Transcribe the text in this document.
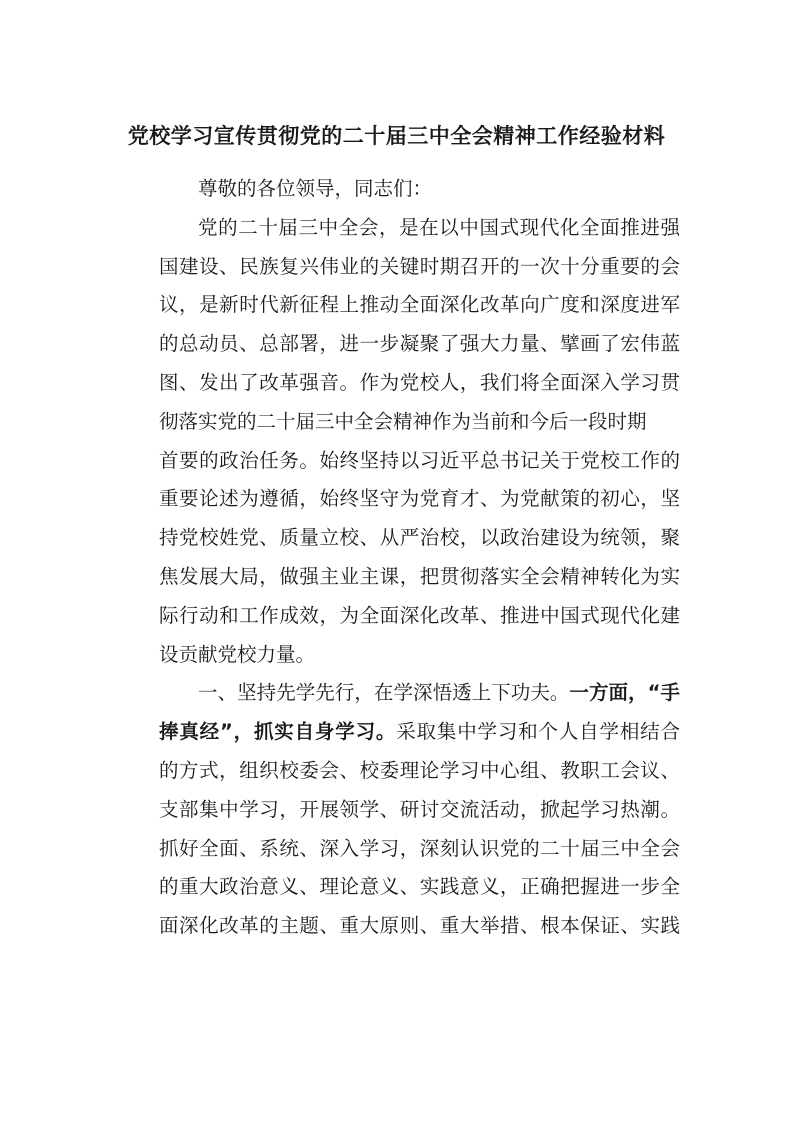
党校学习宣传贯彻党的二十届三中全会精神工作经验材料
尊敬的各位领导，同志们：
党的二十届三中全会，是在以中国式现代化全面推进强
国建设、民族复兴伟业的关键时期召开的一次十分重要的会
议，是新时代新征程上推动全面深化改革向广度和深度进军
的总动员、总部署，进一步凝聚了强大力量、擘画了宏伟蓝
图、发出了改革强音。作为党校人，我们将全面深入学习贯
彻落实党的二十届三中全会精神作为当前和今后一段时期
首要的政治任务。始终坚持以习近平总书记关于党校工作的
重要论述为遵循，始终坚守为党育才、为党献策的初心，坚
持党校姓党、质量立校、从严治校，以政治建设为统领，聚
焦发展大局，做强主业主课，把贯彻落实全会精神转化为实
际行动和工作成效，为全面深化改革、推进中国式现代化建
设贡献党校力量。
一、坚持先学先行，在学深悟透上下功夫。一方面，“手
捧真经”，抓实自身学习。采取集中学习和个人自学相结合
的方式，组织校委会、校委理论学习中心组、教职工会议、
支部集中学习，开展领学、研讨交流活动，掀起学习热潮。
抓好全面、系统、深入学习，深刻认识党的二十届三中全会
的重大政治意义、理论意义、实践意义，正确把握进一步全
面深化改革的主题、重大原则、重大举措、根本保证、实践
